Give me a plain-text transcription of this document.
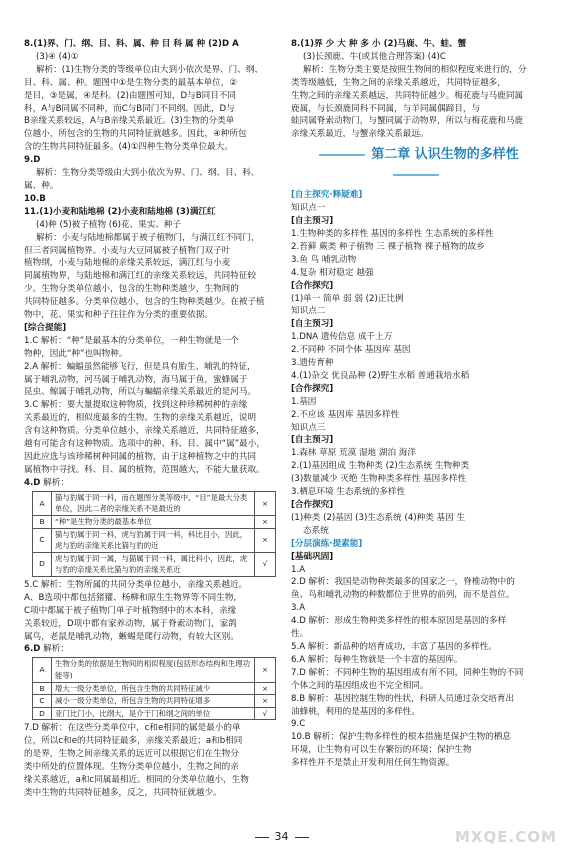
8.(1)界、门、纲、目、科、属、种 目 科 属 种 (2)D A
(3)④ (4)①
解析：(1)生物分类的等级单位由大到小依次是界、门、纲、
目、科、属、种。题图中①是生物分类的最基本单位，②
是目，③是属，④是科。(2)由题图可知，D与B同目不同
科，A与B同属不同种，而C与B同门不同纲。因此，D与
B亲缘关系较远，A与B亲缘关系最近。(3)生物的分类单
位越小，所包含的生物的共同特征就越多。因此，④种所包
含的生物共同特征最多。(4)①四种生物分类单位最大。
9.D
解析：生物分类等级由大到小依次为界、门、纲、目、科、
属、种。
10.B
11.(1)小麦和陆地棉 (2)小麦和陆地棉 (3)满江红
(4)种 (5)被子植物 (6)花、果实、种子
解析：小麦与陆地棉都属于被子植物门，与满江红不同门，
但三者同属植物界。小麦与大豆同属被子植物门双子叶
植物纲，小麦与陆地棉的亲缘关系较远，满江红与小麦
同属植物界，与陆地棉和满江红的亲缘关系较远，共同特征较
少。生物分类单位越小，包含的生物种类越少，生物间的
共同特征越多。分类单位越小，包含的生物种类越少。在被子植
物中，花、果实和种子往往作为分类的重要依据。
[综合提能]
1.C 解析：“种”是最基本的分类单位，一种生物就是一个
物种，因此“种”也叫物种。
2.A 解析：蝙蝠虽然能够飞行，但是具有胎生、哺乳的特征，
属于哺乳动物，河马属于哺乳动物，海马属于鱼，蜜蜂属于
昆虫、鲸属于哺乳动物，所以与蝙蝠亲缘关系最近的是河马。
3.C 解析：要大量提取这种物质，找到这种珍稀树种的亲缘
关系最近的，相似度最多的生物。生物的亲缘关系越近，说明
含有这种物质。分类单位越小，亲缘关系越近，共同特征越多，
越有可能含有这种物质。选项中的种、科、目、属中“属”最小，
因此应选与该珍稀树种同属的植物，由于这种植物之中的共同
属植物中寻找。科、目、属的植物，范围越大，不能大量获取。
4.D 解析：
A	猫与豹属于同一科，而在题图分类等级中，“目”是最大分类单位，因此二者的亲缘关系不是最近的	×
B	“种”是生物分类的最基本单位	×
C	猫与豹属于同一科，虎与豹属于同一科，科比目小，因此，虎与豹的亲缘关系比猫与豹的近	×
D	虎与豹属于同一属，与猫属于同一科，属比科小，因此，虎与豹的亲缘关系比猫与豹的亲缘关系近	√
5.C 解析：生物所属的共同分类单位越小，亲缘关系越近。
A、B选项中都包括猪獾、杨柳和原生生物界等不同生物，
C项中都属于被子植物门单子叶植物纲中的木本科，亲缘
关系较近，D项中都有家养动物，属于脊索动物门，家鸽
属鸟，老鼠是哺乳动物，蜥蜴是爬行动物，有较大区别。
6.D 解析：
A	生物分类的依据是生物间的相似程度(包括形态结构和生理功能等)	×
B	增大一级分类单位，所包含生物的共同特征减少	×
C	减小一级分类单位，所包含生物的共同特征增多	×
D	亚门比门小，比纲大，是介于门和纲之间的单位	√
7.D 解析：在这些分类单位中，c和e相同的属是最小的单
位，所以c和e的共同特征最多，亲缘关系最近；a和b相同
的是界，生物之间亲缘关系的远近可以根据它们在生物分
类中所处的位置体现。生物分类单位越小，生物之间的亲
缘关系越近，a和c同属最相近。相同的分类单位越小，生物
类中生物的共同特征越多，反之，共同特征就越少。
8.(1)界 少 大 种 多 小 (2)马鹿、牛、蛙、蟹
(3)长颈鹿、牛(或其他合理答案) (4)C
解析：生物分类主要是按照生物间的相似程度来进行的，分
类等级越低，生物之间的亲缘关系越近，共同特征越多，
生物之间的亲缘关系越远，共同特征越少。梅花鹿与马鹿同属
鹿属，与长颈鹿同科不同属，与羊同属偶蹄目，与
蛙同属脊索动物门，与蟹同属于动物界，所以与梅花鹿和马鹿
亲缘关系最近，与蟹亲缘关系最远。
第二章 认识生物的多样性
[自主探究·释疑难]
知识点一
[自主预习]
1.生物种类的多样性 基因的多样性 生态系统的多样性
2.苔藓 蕨类 种子植物 三 裸子植物 裸子植物的故乡
3.鱼 鸟 哺乳动物
4.复杂 相对稳定 越强
[合作探究]
(1)单一 简单 弱 弱 (2)正比例
知识点二
[自主预习]
1.DNA 遗传信息 成千上万
2.不同种 不同个体 基因库 基因
3.遗传育种
4.(1)杂交 优良品种 (2)野生水稻 普通栽培水稻
[合作探究]
1.基因
2.不应该 基因库 基因多样性
知识点三
[自主预习]
1.森林 草原 荒漠 湿地 湖泊 海洋
2.(1)基因组成 生物种类 (2)生态系统 生物种类
(3)数量减少 灭绝 生物种类多样性 基因多样性
3.栖息环境 生态系统的多样性
[合作探究]
(1)种类 (2)基因 (3)生态系统 (4)种类 基因 生
态系统
[分层演练·提素能]
[基础巩固]
1.A
2.D 解析：我国是动物种类最多的国家之一，脊椎动物中的
鱼、鸟和哺乳动物的种数都位于世界的前列，而不是首位。
3.A
4.D 解析：形成生物种类多样性的根本原因是基因的多样
性。
5.A 解析：新品种的培育成功，丰富了基因的多样性。
6.A 解析：每种生物就是一个丰富的基因库。
7.D 解析：不同种生物的基因组成有所不同，同种生物的不同
个体之间的基因组成也不完全相同。
8.B 解析：基因控制生物的性状，科研人员通过杂交培育出
油蜂桃，利用的是基因的多样性。
9.C
10.B 解析：保护生物多样性的根本措施是保护生物的栖息
环境，让生物有可以生存繁衍的环境；保护生物
多样性并不是禁止开发利用任何生物资源。
34	MXQE.COM
